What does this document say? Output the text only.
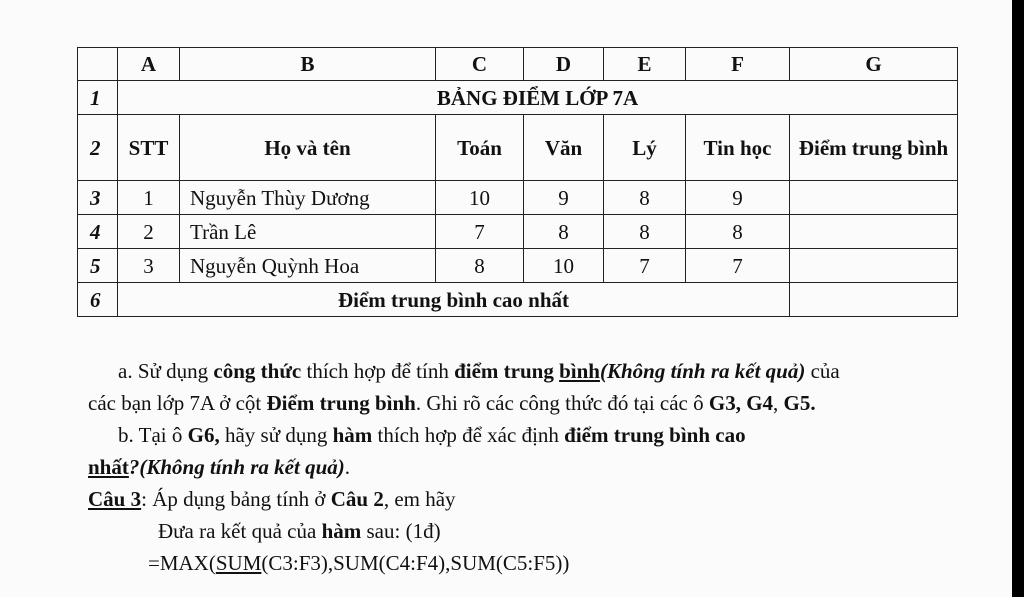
	A	B	C	D	E	F	G
1	BẢNG ĐIỂM LỚP 7A						
2	STT	Họ và tên	Toán	Văn	Lý	Tin học	Điểm trung bình
3	1	Nguyễn Thùy Dương	10	9	8	9	
4	2	Trần Lê	7	8	8	8	
5	3	Nguyễn Quỳnh Hoa	8	10	7	7	
6	Điểm trung bình cao nhất						

a. Sử dụng công thức thích hợp để tính điểm trung bình(Không tính ra kết quả) của

các bạn lớp 7A ở cột Điểm trung bình. Ghi rõ các công thức đó tại các ô G3, G4, G5.

b. Tại ô G6, hãy sử dụng hàm thích hợp để xác định điểm trung bình cao

nhất?(Không tính ra kết quả).

Câu 3: Áp dụng bảng tính ở Câu 2, em hãy

Đưa ra kết quả của hàm sau: (1đ)

=MAX(SUM(C3:F3),SUM(C4:F4),SUM(C5:F5))
